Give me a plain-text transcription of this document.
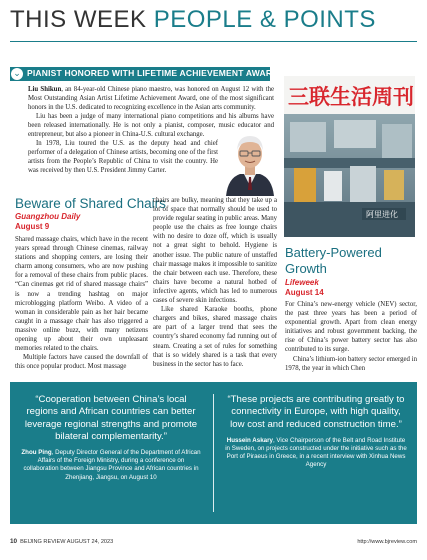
THIS WEEK PEOPLE & POINTS
⌄ PIANIST HONORED WITH LIFETIME ACHIEVEMENT AWARD

Liu Shikun, an 84-year-old Chinese piano maestro, was honored on August 12 with the Most Outstanding Asian Artist Lifetime Achievement Award, one of the most significant honors in the U.S. dedicated to recognizing excellence in the Asian arts community.

Liu has been a judge of many international piano competitions and his albums have been released internationally. He is not only a pianist, composer, music educator and entrepreneur, but also a pioneer in China-U.S. cultural exchange.

In 1978, Liu toured the U.S. as the deputy head and chief performer of a delegation of Chinese artists, becoming one of the first artists from the People’s Republic of China to visit the country. He was received by then U.S. President Jimmy Carter.

三联生活周刊
阿里进化
Beware of Shared Chairs
Guangzhou Daily
August 9

Shared massage chairs, which have in the recent years spread through Chinese cinemas, railway stations and shopping centers, are losing their charm among consumers, who are now pushing for a removal of these chairs from public places. “Can cinemas get rid of shared massage chairs” is now a trending hashtag on major microblogging platform Weibo. A video of a woman in considerable pain as her hair became caught in a massage chair has also triggered a massive online buzz, with many netizens opening up about their own unpleasant memories related to the chairs.

Multiple factors have caused the downfall of this once popular product. Most massage

chairs are bulky, meaning that they take up a lot of space that normally should be used to provide regular seating in public areas. Many people use the chairs as free lounge chairs with no desire to doze off, which is usually not a great sight to behold. Hygiene is another issue. The public nature of unstaffed chair massage makes it impossible to sanitize the chair between each use. Therefore, these chairs have become a natural hotbed of infective agents, which has led to numerous cases of severe skin infections.

Like shared Karaoke booths, phone chargers and bikes, shared massage chairs are part of a larger trend that sees the country’s shared economy fad running out of steam. Creating a set of rules for something that is so widely shared is a task that every business in the sector has to face.

Battery-Powered
Growth
Lifeweek
August 14

For China’s new-energy vehicle (NEV) sector, the past three years has been a period of exponential growth. Apart from clean energy initiatives and robust government backing, the rise of China’s power battery sector has also contributed to its surge.

China’s lithium-ion battery sector emerged in 1978, the year in which Chen

“Cooperation between China’s local regions and African countries can better leverage regional strengths and promote bilateral complementarity.”
Zhou Ping, Deputy Director General of the Department of African Affairs of the Foreign Ministry, during a conference on collaboration between Jiangsu Province and African countries in Zhenjiang, Jiangsu, on August 10
“These projects are contributing greatly to connectivity in Europe, with high quality, low cost and reduced construction time.”
Hussein Askary, Vice Chairperson of the Belt and Road Institute in Sweden, on projects constructed under the initiative such as the Port of Piraeus in Greece, in a recent interview with Xinhua News Agency
10 BEIJING REVIEW AUGUST 24, 2023	http://www.bjreview.com
